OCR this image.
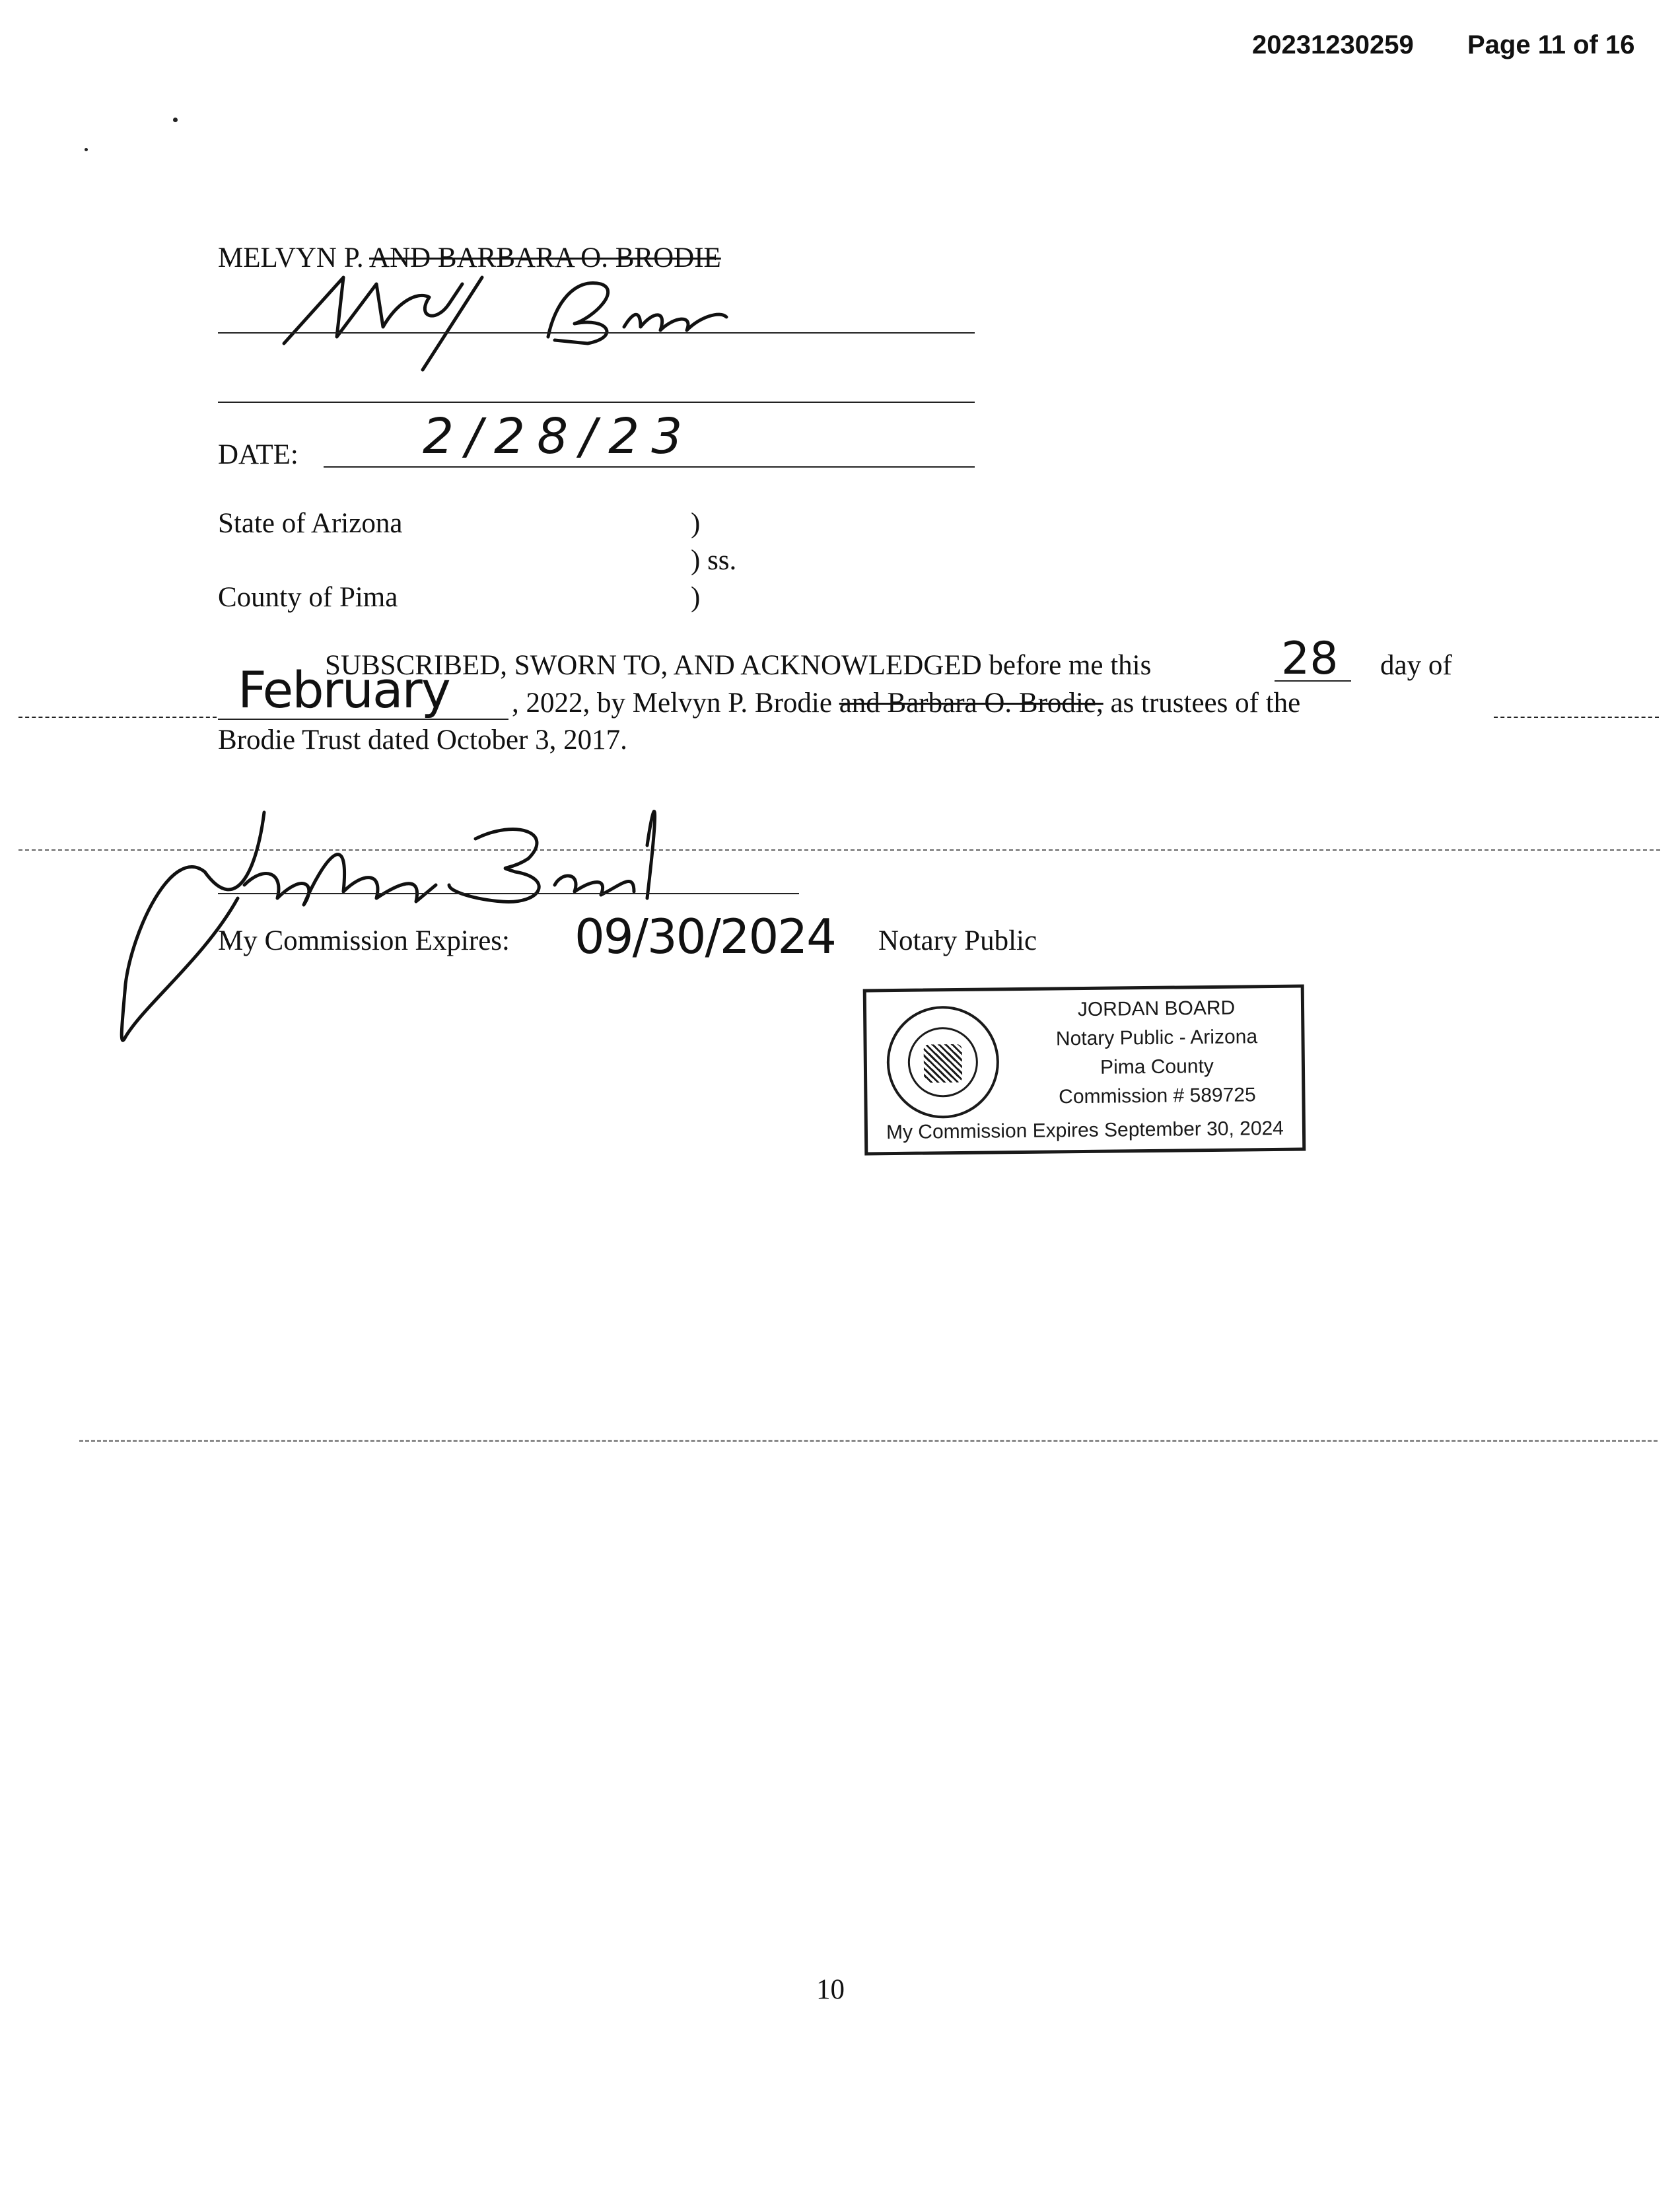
20231230259 Page 11 of 16
MELVYN P. AND BARBARA O. BRODIE
DATE:	2/28/23
State of Arizona
County of Pima
)
) ss.
)
SUBSCRIBED, SWORN TO, AND ACKNOWLEDGED before me this	28 day of
February , 2022, by Melvyn P. Brodie and Barbara O. Brodie, as trustees of the
Brodie Trust dated October 3, 2017.
My Commission Expires: 09/30/2024 Notary Public
JORDAN BOARD
Notary Public - Arizona
Pima County
Commission # 589725
My Commission Expires September 30, 2024
10
